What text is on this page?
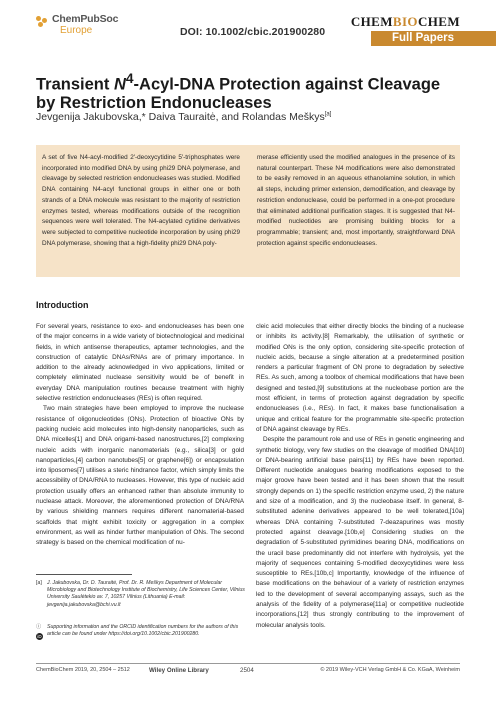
ChemPubSoc
Europe	DOI: 10.1002/cbic.201900280
CHEMBIOCHEM
Full Papers
Transient $N^4-Acyl$-DNA Protection against Cleavage by Restriction Endonucleases
Jevgenija Jakubovska,* Daiva Tauraitė, and Rolandas Meškys[a]
A set of five N4-acyl-modified 2′-deoxycytidine 5′-triphosphates were incorporated into modified DNA by using phi29 DNA polymerase, and cleavage by selected restriction endonucleases was studied. Modified DNA containing N4-acyl functional groups in either one or both strands of a DNA molecule was resistant to the majority of restriction enzymes tested, whereas modifications outside of the recognition sequences were well tolerated. The N4-acylated cytidine derivatives were subjected to competitive nucleotide incorporation by using phi29 DNA polymerase, showing that a high-fidelity phi29 DNA poly-
merase efficiently used the modified analogues in the presence of its natural counterpart. These N4 modifications were also demonstrated to be easily removed in an aqueous ethanolamine solution, in which all steps, including primer extension, demodification, and cleavage by restriction endonuclease, could be performed in a one-pot procedure that eliminated additional purification stages. It is suggested that N4-modified nucleotides are promising building blocks for a programmable; transient; and, most importantly, straightforward DNA protection against specific endonucleases.
Introduction

For several years, resistance to exo- and endonucleases has been one of the major concerns in a wide variety of biotechnological and medicinal fields, in which antisense therapeutics, aptamer technologies, and the construction of catalytic DNAs/RNAs are of primary importance. In addition to the already acknowledged in vivo applications, limited or completely eliminated nuclease sensitivity would be of benefit in everyday DNA manipulation routines because treatment with highly selective restriction endonucleases (REs) is often required.

Two main strategies have been employed to improve the nuclease resistance of oligonucleotides (ONs). Protection of bioactive ONs by packing nucleic acid molecules into high-density nanoparticles, such as DNA micelles[1] and DNA origami-based nanostructures,[2] complexing nucleic acids with inorganic nanomaterials (e.g., silica[3] or gold nanoparticles,[4] carbon nanotubes[5] or graphene[6]) or encapsulation into liposomes[7] utilises a steric hindrance factor, which simply limits the accessibility of DNA/RNA to nucleases. However, this type of nucleic acid protection usually offers an enhanced rather than absolute immunity to nuclease attack. Moreover, the aforementioned protection of DNA/RNA by various shielding manners requires different nanomaterial-based scaffolds that might exhibit toxicity or aggregation in a complex environment, as well as hinder further manipulation of ONs. The second strategy is based on the chemical modification of nu-

cleic acid molecules that either directly blocks the binding of a nuclease or inhibits its activity.[8] Remarkably, the utilisation of synthetic or modified ONs is the only option, considering site-specific protection of nucleic acids, because a single alteration at a predetermined position renders a particular fragment of ON prone to degradation by selective REs. As such, among a toolbox of chemical modifications that have been designed and tested,[9] substitutions at the nucleobase portion are the most efficient, in terms of protection against degradation by specific endonucleases (i.e., REs). In fact, it makes base functionalisation a unique and critical feature for the programmable site-specific protection of DNA against cleavage by REs.

Despite the paramount role and use of REs in genetic engineering and synthetic biology, very few studies on the cleavage of modified DNA[10] or DNA-bearing artificial base pairs[11] by REs have been reported. Different nucleotide analogues bearing modifications exposed to the major groove have been tested and it has been shown that the result strongly depends on 1) the specific restriction enzyme used, 2) the nature and size of a modification, and 3) the nucleobase itself. In general, 8-substituted adenine derivatives appeared to be well tolerated,[10a] whereas DNA containing 7-substituted 7-deazapurines was mostly protected against cleavage.[10b,e] Considering studies on the degradation of 5-substituted pyrimidines bearing DNA, modifications on the uracil base predominantly did not interfere with hydrolysis, yet the majority of sequences containing 5-modified deoxycytidines were less susceptible to REs.[10b,c] Importantly, knowledge of the influence of base modifications on the behaviour of a variety of restriction enzymes led to the development of several accompanying assays, such as the analysis of the fidelity of a polymerase[11a] or competitive nucleotide incorporations,[12] thus strongly contributing to the improvement of molecular analysis tools.

[a]	J. Jakubovska, Dr. D. Tauraitė, Prof. Dr. R. Meškys Department of Molecular Microbiology and Biotechnology Institute of Biochemistry, Life Sciences Center, Vilnius University Saulėtekio av. 7, 10257 Vilnius (Lithuania) E-mail: jevgenija.jakubovska@bchi.vu.lt
ⓘ	Supporting information and the ORCID identification numbers for the authors of this article can be found under https://doi.org/10.1002/cbic.201900280.
iD
ChemBioChem 2019, 20, 2504 – 2512	Wiley Online Library	2504	© 2019 Wiley-VCH Verlag GmbH & Co. KGaA, Weinheim
